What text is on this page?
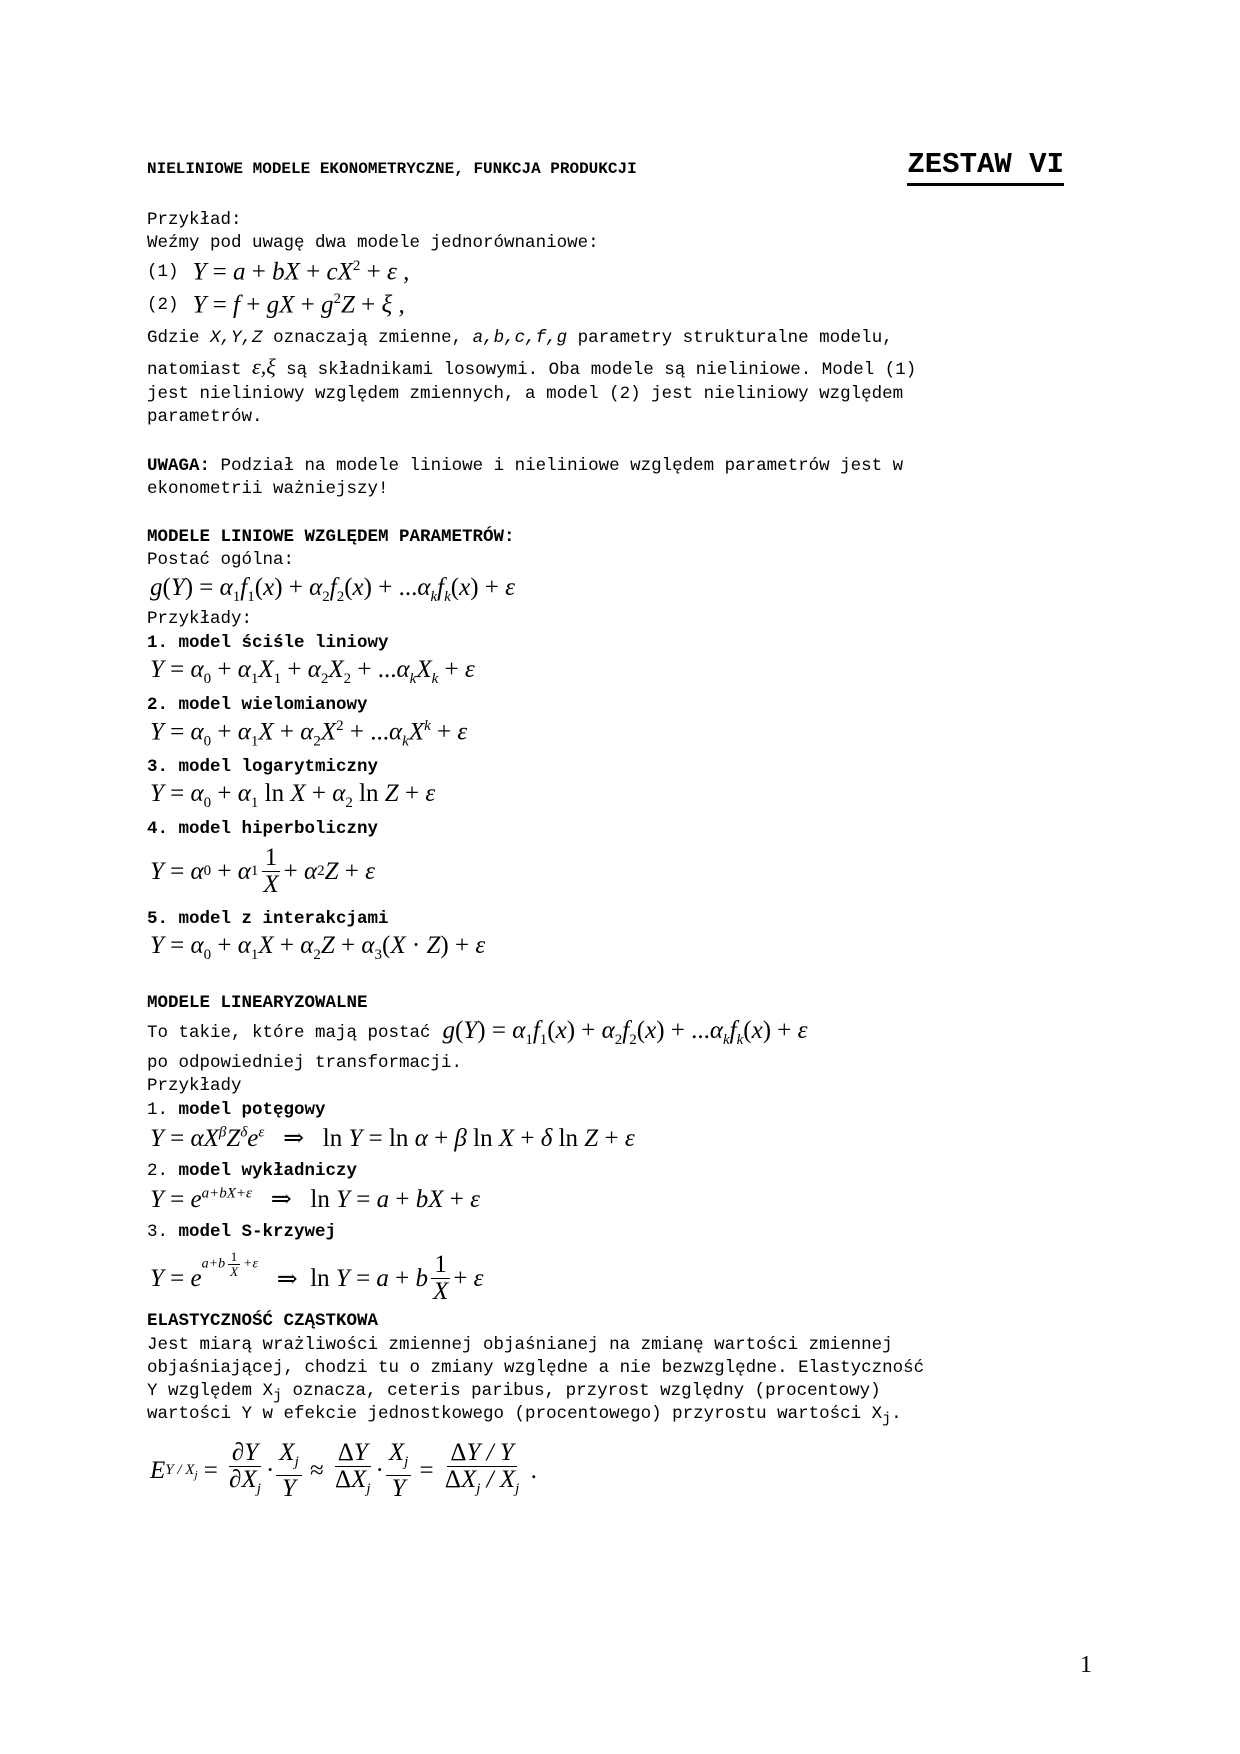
NIELINIOWE MODELE EKONOMETRYCZNE, FUNKCJA PRODUKCJI	ZESTAW VI
Przykład:
Weźmy pod uwagę dwa modele jednorównaniowe:
(1) Y = a + bX + $cX^2 + \varepsilon$ ,
(2) Y = f + gX + $g^2Z + \xi$ ,
Gdzie X,Y,Z oznaczają zmienne, a,b,c,f,g parametry strukturalne modelu,
natomiast ε,ξ są składnikami losowymi. Oba modele są nieliniowe. Model (1)
jest nieliniowy względem zmiennych, a model (2) jest nieliniowy względem
parametrów.
UWAGA: Podział na modele liniowe i nieliniowe względem parametrów jest w
ekonometrii ważniejszy!
MODELE LINIOWE WZGLĘDEM PARAMETRÓW:
Postać ogólna:
$g(Y) = \alpha_1f_1(x) + \alpha_2f_2(x) + ...\alpha_kf_k(x) + \varepsilon$
Przykłady:
1. model ściśle liniowy
$Y = \alpha_0 + \alpha_1X_1 + \alpha_2X_2 + ...\alpha_kX_k + \varepsilon$
2. model wielomianowy
$Y = \alpha_0 + \alpha_1X + \alpha_2X^2 + ...\alpha_kX^k + \varepsilon$
3. model logarytmiczny
$Y = \alpha_0 + \alpha_1$ $\ln X + \alpha_2$ ln Z + ε
4. model hiperboliczny
Y = α 0 + α $1 \frac{1}{X} + \alpha$ 2 Z + ε
5. model z interakcjami
$Y = \alpha_0 + \alpha_1X + \alpha_2Z + \alpha_3(X \cdot Z) + \varepsilon$
MODELE LINEARYZOWALNE
To takie, które mają postać $g(Y) = \alpha_1f_1(x) + \alpha_2f_2(x) + ...\alpha_kf_k(x) + \varepsilon$
po odpowiedniej transformacji.
Przykłady
1. model potęgowy
$Y = \alpha X^\beta Z^\delta e^\varepsilon$   ⇒   ln Y = ln α + β ln X + δ ln Z + ε
2. model wykładniczy
$Y = e^{a+bX+\varepsilon}$   ⇒   ln Y = a + bX + ε
3. model S-krzywej
Y = e
$^{a+b \frac{1}{X}+\varepsilon}$
⇒ ln Y = a + b $\frac{1}{X} + \varepsilon$
ELASTYCZNOŚĆ CZĄSTKOWA
Jest miarą wrażliwości zmiennej objaśnianej na zmianę wartości zmiennej
objaśniającej, chodzi tu o zmiany względne a nie bezwzględne. Elastyczność
Y względem $X_j$ oznacza, ceteris paribus, przyrost względny (procentowy)
wartości Y w efekcie jednostkowego (procentowego) przyrostu wartości $X_j$.
E $Y / X_j = \frac{\partial Y}{\partial X_j} \cdot \frac{X_j}{Y} \approx \frac{\Delta Y}{\Delta X_j} \cdot \frac{X_j}{Y} = \frac{\Delta Y / Y}{\Delta X_j / X_j}$ .
1
